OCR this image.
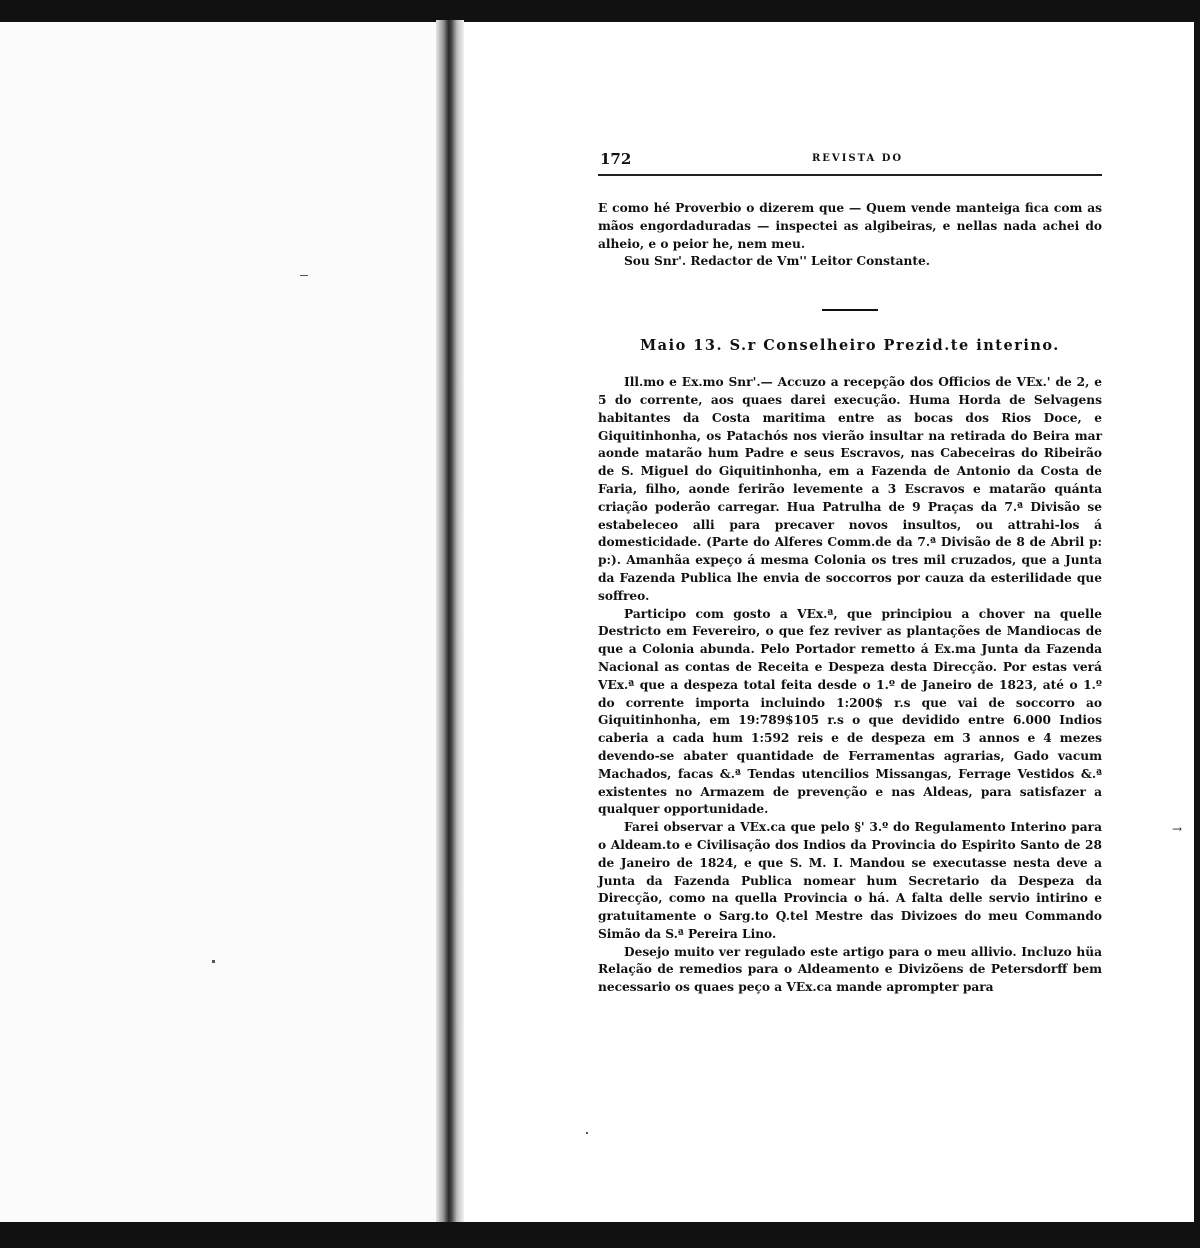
172	REVISTA DO

E como hé Proverbio o dizerem que — Quem vende manteiga fica com as mãos engordaduradas — inspectei as algibeiras, e nellas nada achei do alheio, e o peior he, nem meu.

Sou Snr'. Redactor de Vm'' Leitor Constante.

Maio 13. S.r Conselheiro Prezid.te interino.

Ill.mo e Ex.mo Snr'.— Accuzo a recepção dos Officios de VEx.' de 2, e 5 do corrente, aos quaes darei execução. Huma Horda de Selvagens habitantes da Costa maritima entre as bocas dos Rios Doce, e Giquitinhonha, os Patachós nos vierão insultar na retirada do Beira mar aonde matarão hum Padre e seus Escravos, nas Cabeceiras do Ribeirão de S. Miguel do Giquitinhonha, em a Fazenda de Antonio da Costa de Faria, filho, aonde ferirão levemente a 3 Escravos e matarão quánta criação poderão carregar. Hua Patrulha de 9 Praças da 7.ª Divisão se estabeleceo alli para precaver novos insultos, ou attrahi-los á domesticidade. (Parte do Alferes Comm.de da 7.ª Divisão de 8 de Abril p: p:). Amanhãa expeço á mesma Colonia os tres mil cruzados, que a Junta da Fazenda Publica lhe envia de soccorros por cauza da esterilidade que soffreo.

Participo com gosto a VEx.ª, que principiou a chover na quelle Destricto em Fevereiro, o que fez reviver as plantações de Mandiocas de que a Colonia abunda. Pelo Portador remetto á Ex.ma Junta da Fazenda Nacional as contas de Receita e Despeza desta Direcção. Por estas verá VEx.ª que a despeza total feita desde o 1.º de Janeiro de 1823, até o 1.º do corrente importa incluindo 1:200$ r.s que vai de soccorro ao Giquitinhonha, em 19:789$105 r.s o que devidido entre 6.000 Indios caberia a cada hum 1:592 reis e de despeza em 3 annos e 4 mezes devendo-se abater quantidade de Ferramentas agrarias, Gado vacum Machados, facas &.ª Tendas utencilios Missangas, Ferrage Vestidos &.ª existentes no Armazem de prevenção e nas Aldeas, para satisfazer a qualquer opportunidade.

Farei observar a VEx.ca que pelo §' 3.º do Regulamento Interino para o Aldeam.to e Civilisação dos Indios da Provincia do Espirito Santo de 28 de Janeiro de 1824, e que S. M. I. Mandou se executasse nesta deve a Junta da Fazenda Publica nomear hum Secretario da Despeza da Direcção, como na quella Provincia o há. A falta delle servio intirino e gratuitamente o Sarg.to Q.tel Mestre das Divizoes do meu Commando Simão da S.ª Pereira Lino.

Desejo muito ver regulado este artigo para o meu allivio. Incluzo hüa Relação de remedios para o Aldeamento e Divizõens de Petersdorff bem necessario os quaes peço a VEx.ca mande aprompter para

→
